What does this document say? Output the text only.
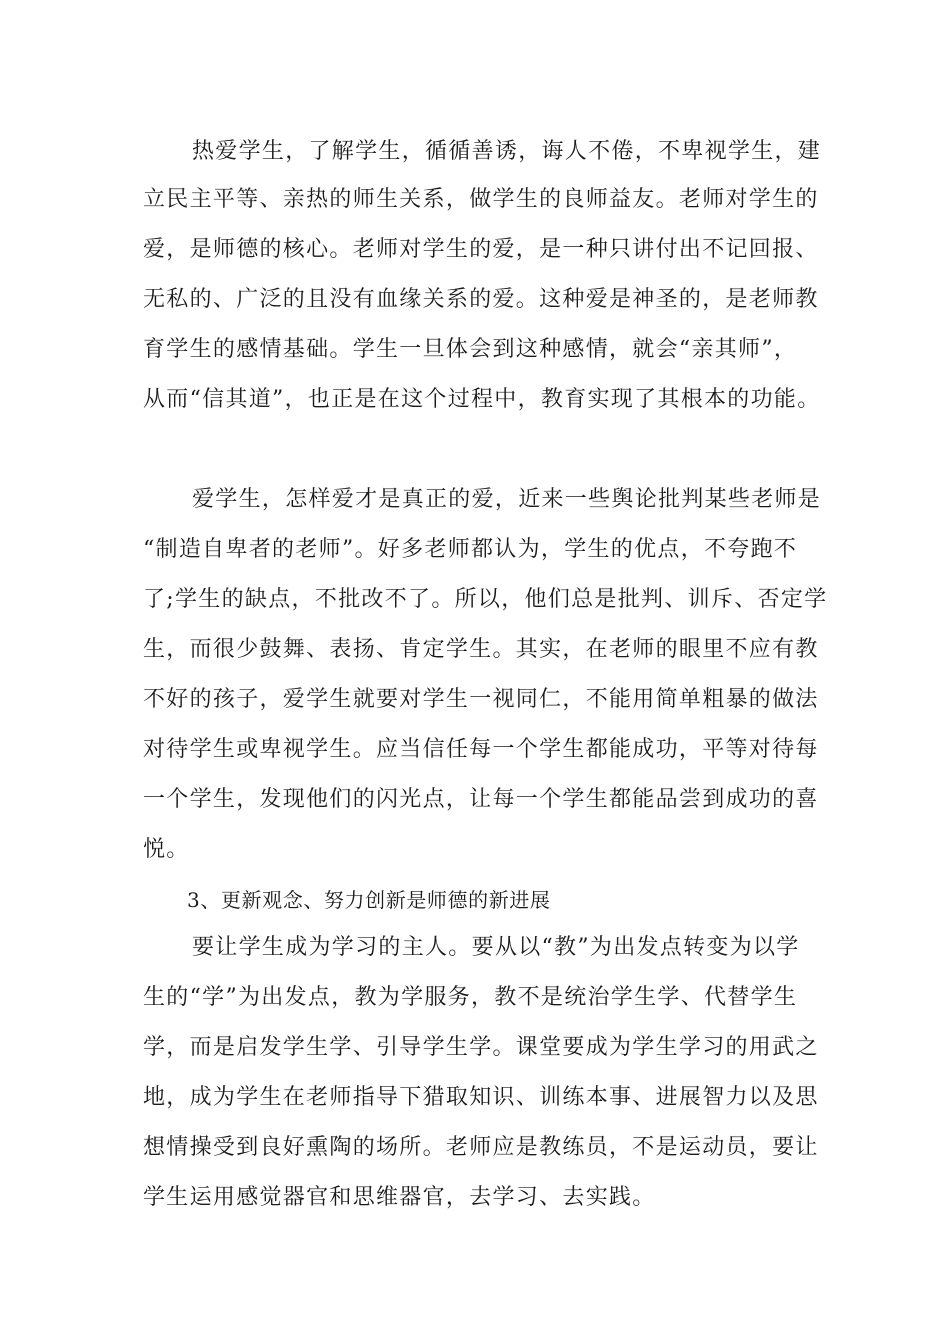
热爱学生，了解学生，循循善诱，诲人不倦，不卑视学生，建

立民主平等、亲热的师生关系，做学生的良师益友。老师对学生的

爱，是师德的核心。老师对学生的爱，是一种只讲付出不记回报、

无私的、广泛的且没有血缘关系的爱。这种爱是神圣的，是老师教

育学生的感情基础。学生一旦体会到这种感情，就会“亲其师”，

从而“信其道”，也正是在这个过程中，教育实现了其根本的功能。

爱学生，怎样爱才是真正的爱，近来一些舆论批判某些老师是

“制造自卑者的老师”。好多老师都认为，学生的优点，不夸跑不

了;学生的缺点，不批改不了。所以，他们总是批判、训斥、否定学

生，而很少鼓舞、表扬、肯定学生。其实，在老师的眼里不应有教

不好的孩子，爱学生就要对学生一视同仁，不能用简单粗暴的做法

对待学生或卑视学生。应当信任每一个学生都能成功，平等对待每

一个学生，发现他们的闪光点，让每一个学生都能品尝到成功的喜

悦。

3、更新观念、努力创新是师德的新进展

要让学生成为学习的主人。要从以“教”为出发点转变为以学

生的“学”为出发点，教为学服务，教不是统治学生学、代替学生

学，而是启发学生学、引导学生学。课堂要成为学生学习的用武之

地，成为学生在老师指导下猎取知识、训练本事、进展智力以及思

想情操受到良好熏陶的场所。老师应是教练员，不是运动员，要让

学生运用感觉器官和思维器官，去学习、去实践。
